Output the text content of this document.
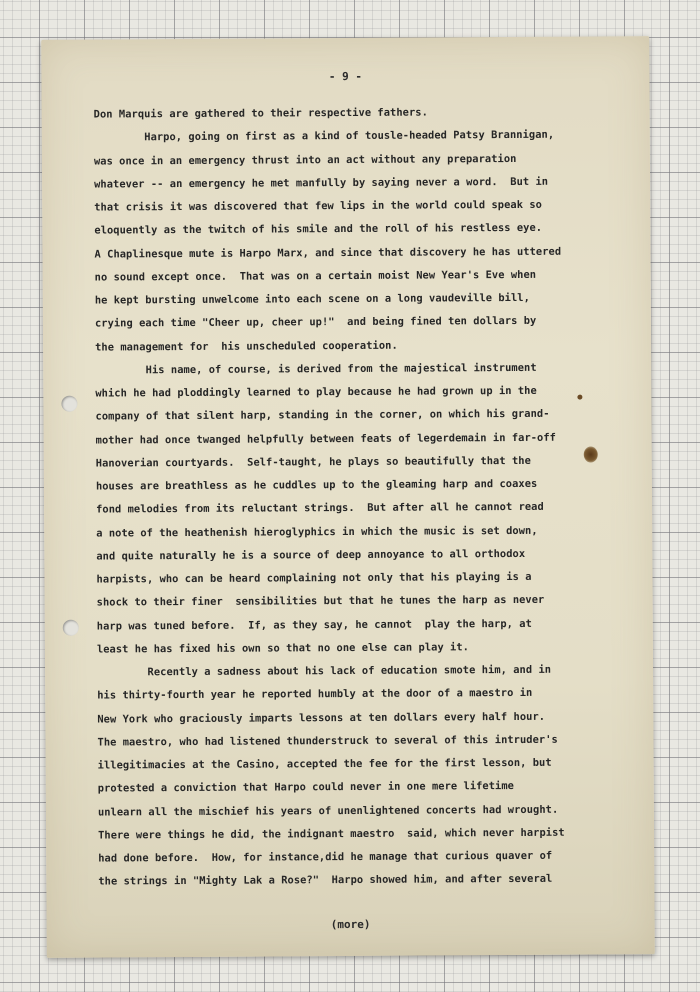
- 9 -
Don Marquis are gathered to their respective fathers.
Harpo, going on first as a kind of tousle-headed Patsy Brannigan,
was once in an emergency thrust into an act without any preparation
whatever -- an emergency he met manfully by saying never a word.  But in
that crisis it was discovered that few lips in the world could speak so
eloquently as the twitch of his smile and the roll of his restless eye.
A Chaplinesque mute is Harpo Marx, and since that discovery he has uttered
no sound except once.  That was on a certain moist New Year's Eve when
he kept bursting unwelcome into each scene on a long vaudeville bill,
crying each time "Cheer up, cheer up!"  and being fined ten dollars by
the management for  his unscheduled cooperation.
His name, of course, is derived from the majestical instrument
which he had ploddingly learned to play because he had grown up in the
company of that silent harp, standing in the corner, on which his grand-
mother had once twanged helpfully between feats of legerdemain in far-off
Hanoverian courtyards.  Self-taught, he plays so beautifully that the
houses are breathless as he cuddles up to the gleaming harp and coaxes
fond melodies from its reluctant strings.  But after all he cannot read
a note of the heathenish hieroglyphics in which the music is set down,
and quite naturally he is a source of deep annoyance to all orthodox
harpists, who can be heard complaining not only that his playing is a
shock to their finer  sensibilities but that he tunes the harp as never
harp was tuned before.  If, as they say, he cannot  play the harp, at
least he has fixed his own so that no one else can play it.
Recently a sadness about his lack of education smote him, and in
his thirty-fourth year he reported humbly at the door of a maestro in
New York who graciously imparts lessons at ten dollars every half hour.
The maestro, who had listened thunderstruck to several of this intruder's
illegitimacies at the Casino, accepted the fee for the first lesson, but
protested a conviction that Harpo could never in one mere lifetime
unlearn all the mischief his years of unenlightened concerts had wrought.
There were things he did, the indignant maestro  said, which never harpist
had done before.  How, for instance,did he manage that curious quaver of
the strings in "Mighty Lak a Rose?"  Harpo showed him, and after several
(more)
